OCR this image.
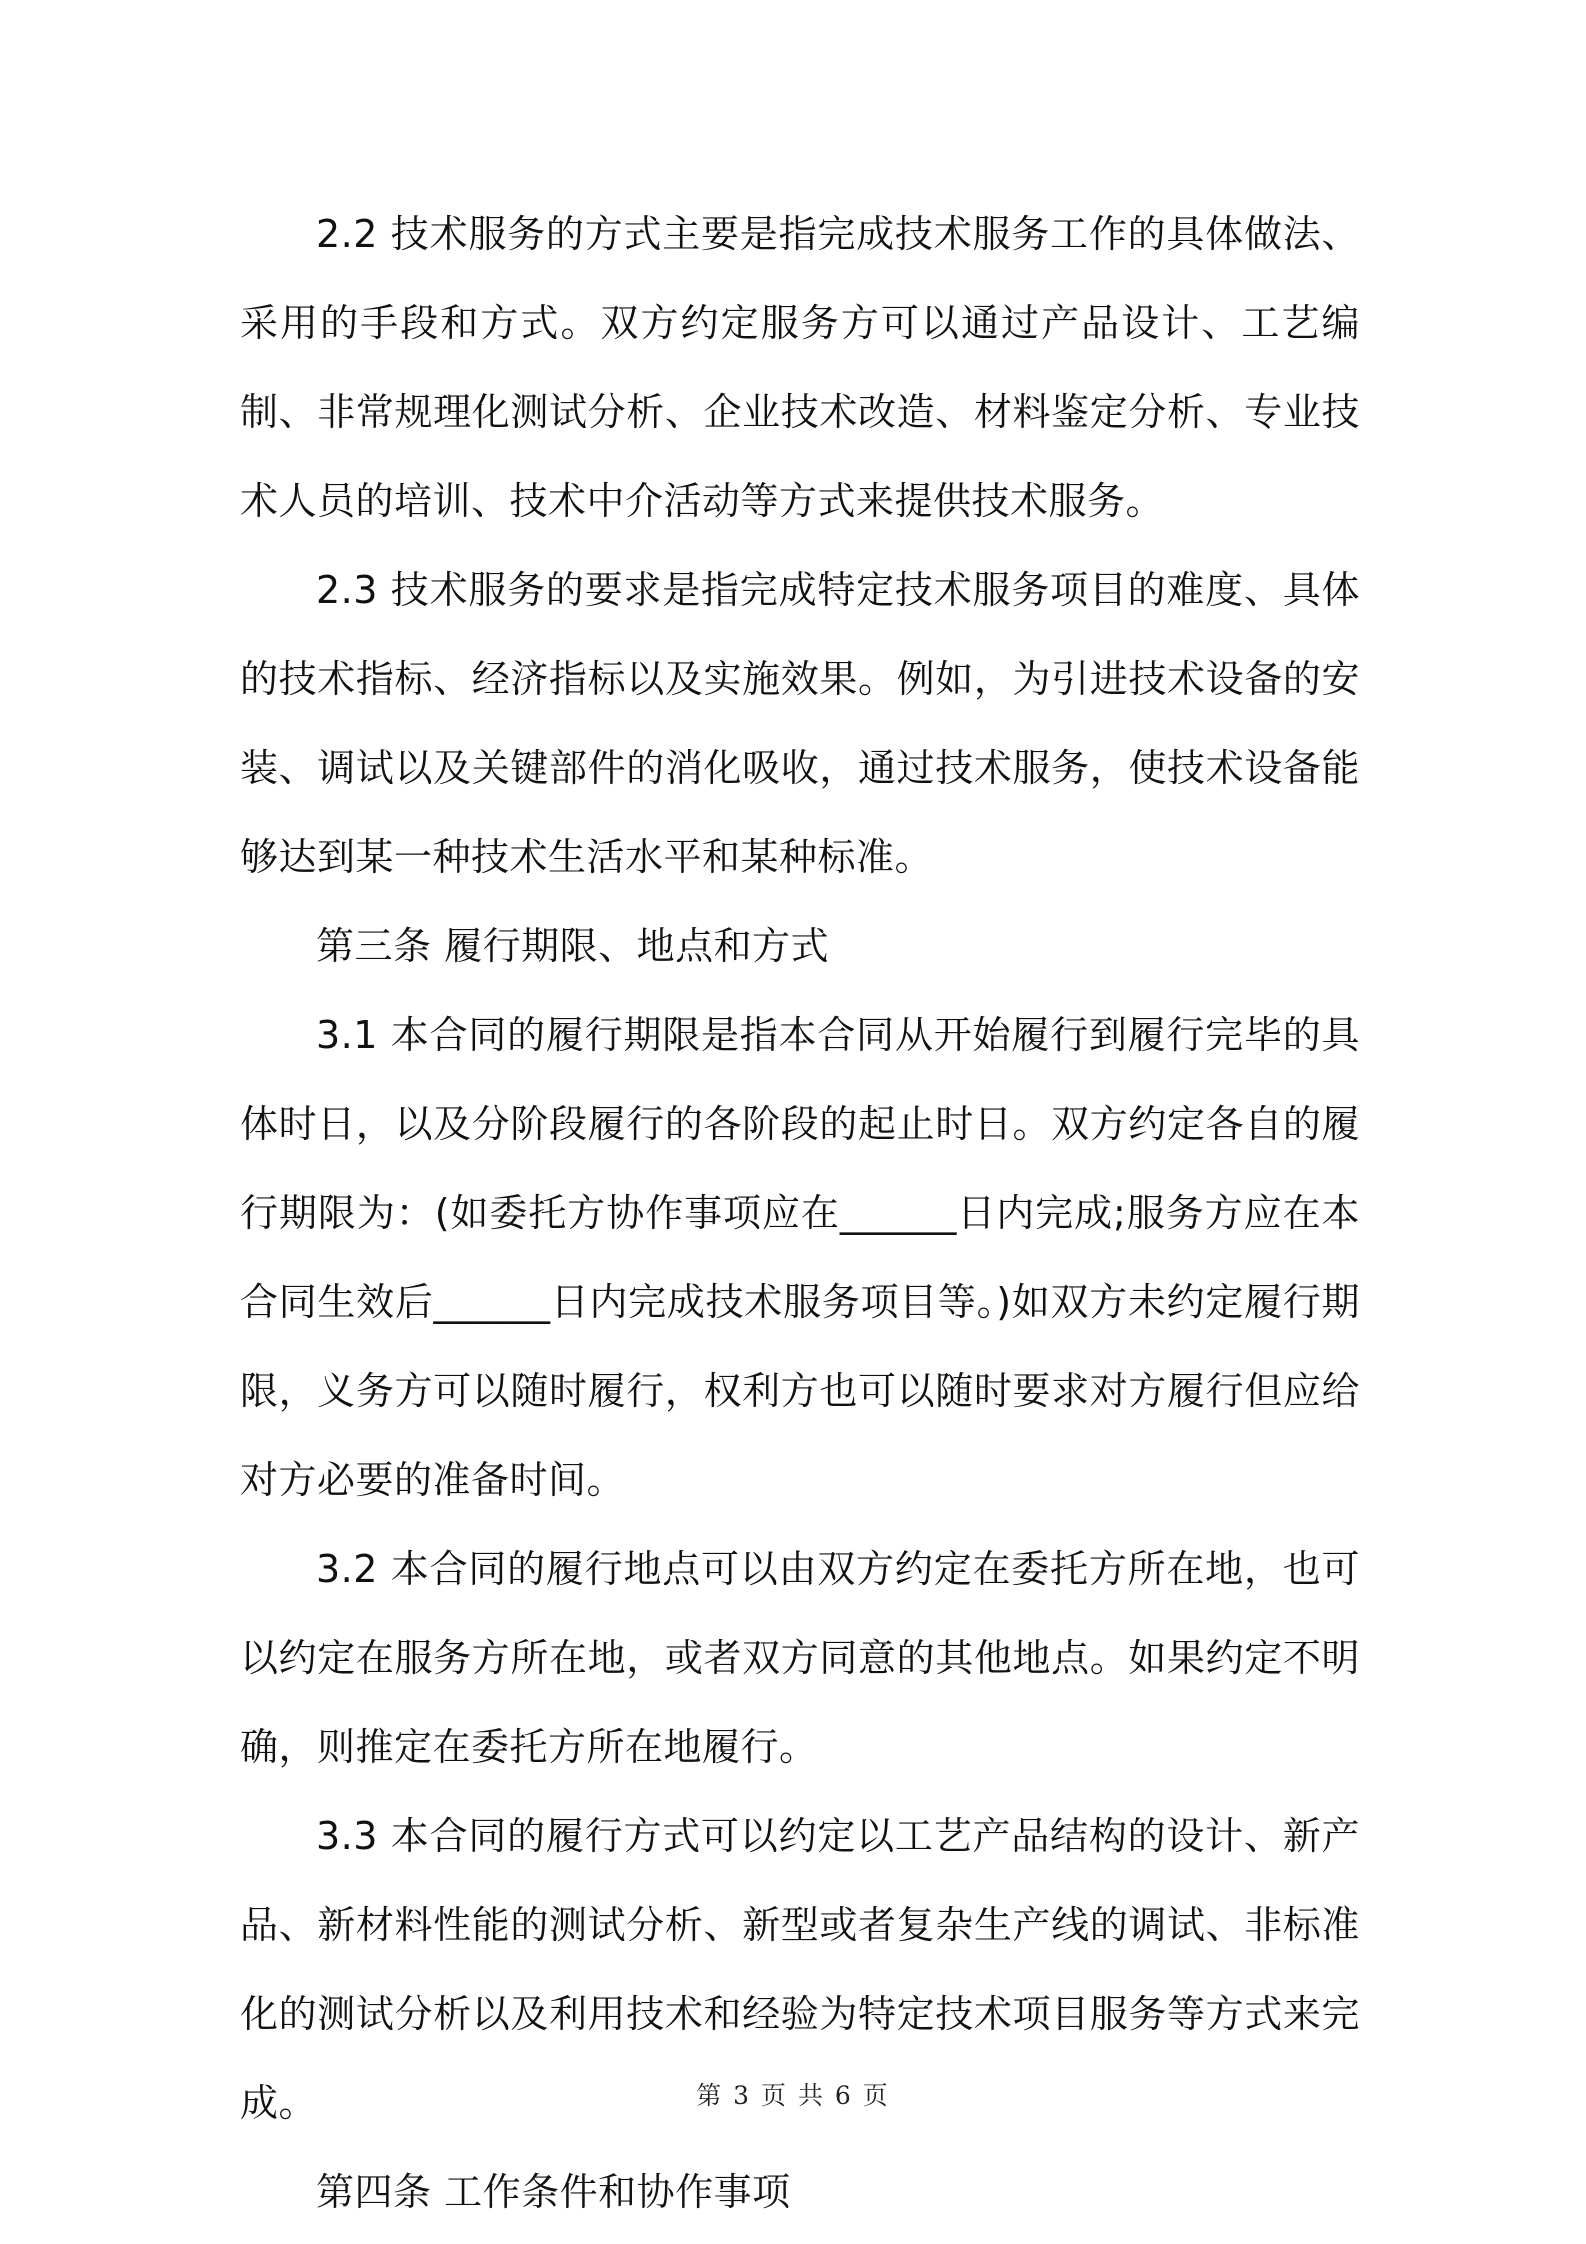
2.2 技术服务的方式主要是指完成技术服务工作的具体做法、采用的手段和方式。双方约定服务方可以通过产品设计、工艺编制、非常规理化测试分析、企业技术改造、材料鉴定分析、专业技术人员的培训、技术中介活动等方式来提供技术服务。

2.3 技术服务的要求是指完成特定技术服务项目的难度、具体的技术指标、经济指标以及实施效果。例如，为引进技术设备的安装、调试以及关键部件的消化吸收，通过技术服务，使技术设备能够达到某一种技术生活水平和某种标准。

第三条 履行期限、地点和方式

3.1 本合同的履行期限是指本合同从开始履行到履行完毕的具体时日，以及分阶段履行的各阶段的起止时日。双方约定各自的履行期限为：(如委托方协作事项应在______日内完成;服务方应在本合同生效后______日内完成技术服务项目等。)如双方未约定履行期限，义务方可以随时履行，权利方也可以随时要求对方履行但应给对方必要的准备时间。

3.2 本合同的履行地点可以由双方约定在委托方所在地，也可以约定在服务方所在地，或者双方同意的其他地点。如果约定不明确，则推定在委托方所在地履行。

3.3 本合同的履行方式可以约定以工艺产品结构的设计、新产品、新材料性能的测试分析、新型或者复杂生产线的调试、非标准化的测试分析以及利用技术和经验为特定技术项目服务等方式来完成。

第四条 工作条件和协作事项

第 3 页 共 6 页
